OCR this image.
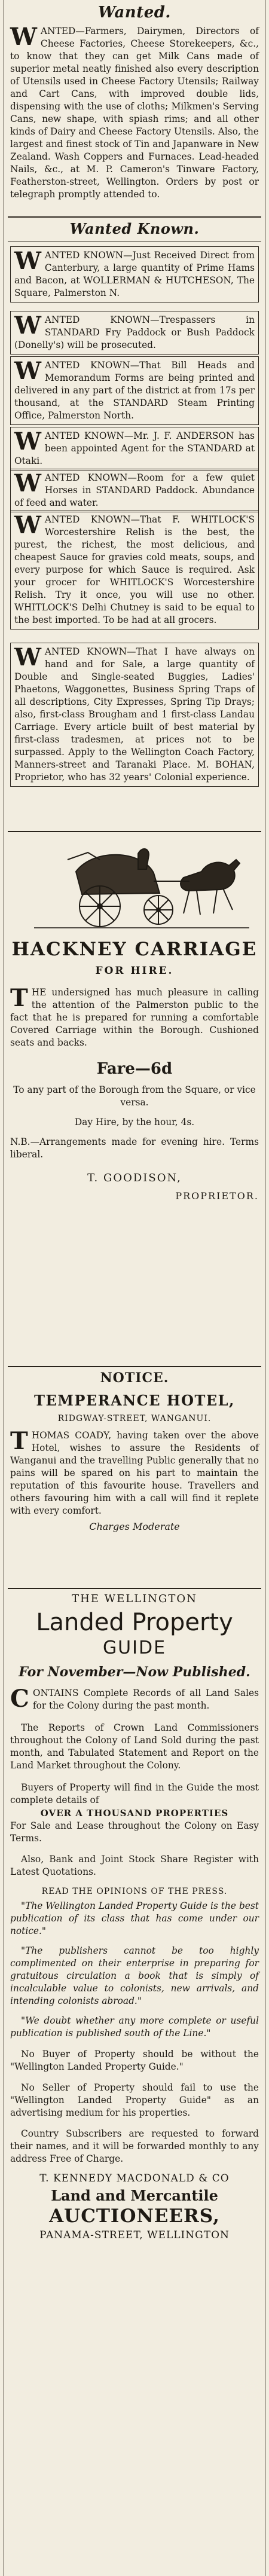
Wanted.
WANTED—Farmers, Dairymen, Directors of Cheese Factories, Cheese Storekeepers, &c., to know that they can get Milk Cans made of superior metal neatly finished also every description of Utensils used in Cheese Factory Utensils; Railway and Cart Cans, with improved double lids, dispensing with the use of cloths; Milkmen's Serving Cans, new shape, with spiash rims; and all other kinds of Dairy and Cheese Factory Utensils. Also, the largest and finest stock of Tin and Japanware in New Zealand. Wash Coppers and Furnaces. Lead-headed Nails, &c., at M. P. Cameron's Tinware Factory, Featherston-street, Wellington. Orders by post or telegraph promptly attended to.
Wanted Known.
WANTED KNOWN—Just Received Direct from Canterbury, a large quantity of Prime Hams and Bacon, at WOLLERMAN & HUTCHESON, The Square, Palmerston N.
WANTED KNOWN—Trespassers in STANDARD Fry Paddock or Bush Paddock (Donelly's) will be prosecuted.
WANTED KNOWN—That Bill Heads and Memorandum Forms are being printed and delivered in any part of the district at from 17s per thousand, at the STANDARD Steam Printing Office, Palmerston North.
WANTED KNOWN—Mr. J. F. ANDERSON has been appointed Agent for the STANDARD at Otaki.
WANTED KNOWN—Room for a few quiet Horses in STANDARD Paddock. Abundance of feed and water.
WANTED KNOWN—That F. WHITLOCK'S Worcestershire Relish is the best, the purest, the richest, the most delicious, and cheapest Sauce for gravies cold meats, soups, and every purpose for which Sauce is required. Ask your grocer for WHITLOCK'S Worcestershire Relish. Try it once, you will use no other. WHITLOCK'S Delhi Chutney is said to be equal to the best imported. To be had at all grocers.
WANTED KNOWN—That I have always on hand and for Sale, a large quantity of Double and Single-seated Buggies, Ladies' Phaetons, Waggonettes, Business Spring Traps of all descriptions, City Expresses, Spring Tip Drays; also, first-class Brougham and 1 first-class Landau Carriage. Every article built of best material by first-class tradesmen, at prices not to be surpassed. Apply to the Wellington Coach Factory, Manners-street and Taranaki Place. M. BOHAN, Proprietor, who has 32 years' Colonial experience.
HACKNEY CARRIAGE
FOR HIRE.
THE undersigned has much pleasure in calling the attention of the Palmerston public to the fact that he is prepared for running a comfortable Covered Carriage within the Borough. Cushioned seats and backs.
Fare—6d
To any part of the Borough from the Square, or vice versa.
Day Hire, by the hour, 4s.
N.B.—Arrangements made for evening hire. Terms liberal.
T. GOODISON,
PROPRIETOR.
NOTICE.
TEMPERANCE HOTEL,
RIDGWAY-STREET, WANGANUI.
THOMAS COADY, having taken over the above Hotel, wishes to assure the Residents of Wanganui and the travelling Public generally that no pains will be spared on his part to maintain the reputation of this favourite house. Travellers and others favouring him with a call will find it replete with every comfort.
Charges Moderate
THE WELLINGTON
Landed Property
GUIDE
For November—Now Published.
CONTAINS Complete Records of all Land Sales for the Colony during the past month.
The Reports of Crown Land Commissioners throughout the Colony of Land Sold during the past month, and Tabulated Statement and Report on the Land Market throughout the Colony.
Buyers of Property will find in the Guide the most complete details of
OVER A THOUSAND PROPERTIES
For Sale and Lease throughout the Colony on Easy Terms.
Also, Bank and Joint Stock Share Register with Latest Quotations.
READ THE OPINIONS OF THE PRESS.
"The Wellington Landed Property Guide is the best publication of its class that has come under our notice."
"The publishers cannot be too highly complimented on their enterprise in preparing for gratuitous circulation a book that is simply of incalculable value to colonists, new arrivals, and intending colonists abroad."
"We doubt whether any more complete or useful publication is published south of the Line."
No Buyer of Property should be without the "Wellington Landed Property Guide."
No Seller of Property should fail to use the "Wellington Landed Property Guide" as an advertising medium for his properties.
Country Subscribers are requested to forward their names, and it will be forwarded monthly to any address Free of Charge.
T. KENNEDY MACDONALD & CO
Land and Mercantile
AUCTIONEERS,
PANAMA-STREET, WELLINGTON
